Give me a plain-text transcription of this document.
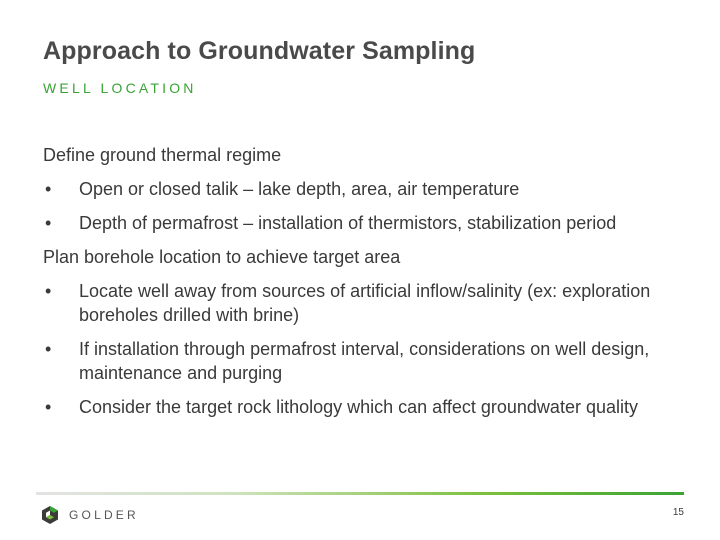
Approach to Groundwater Sampling
WELL LOCATION

Define ground thermal regime

• Open or closed talik – lake depth, area, air temperature
• Depth of permafrost – installation of thermistors, stabilization period

Plan borehole location to achieve target area

• Locate well away from sources of artificial inflow/salinity (ex: exploration boreholes drilled with brine)
• If installation through permafrost interval, considerations on well design, maintenance and purging
• Consider the target rock lithology which can affect groundwater quality
GOLDER	15
